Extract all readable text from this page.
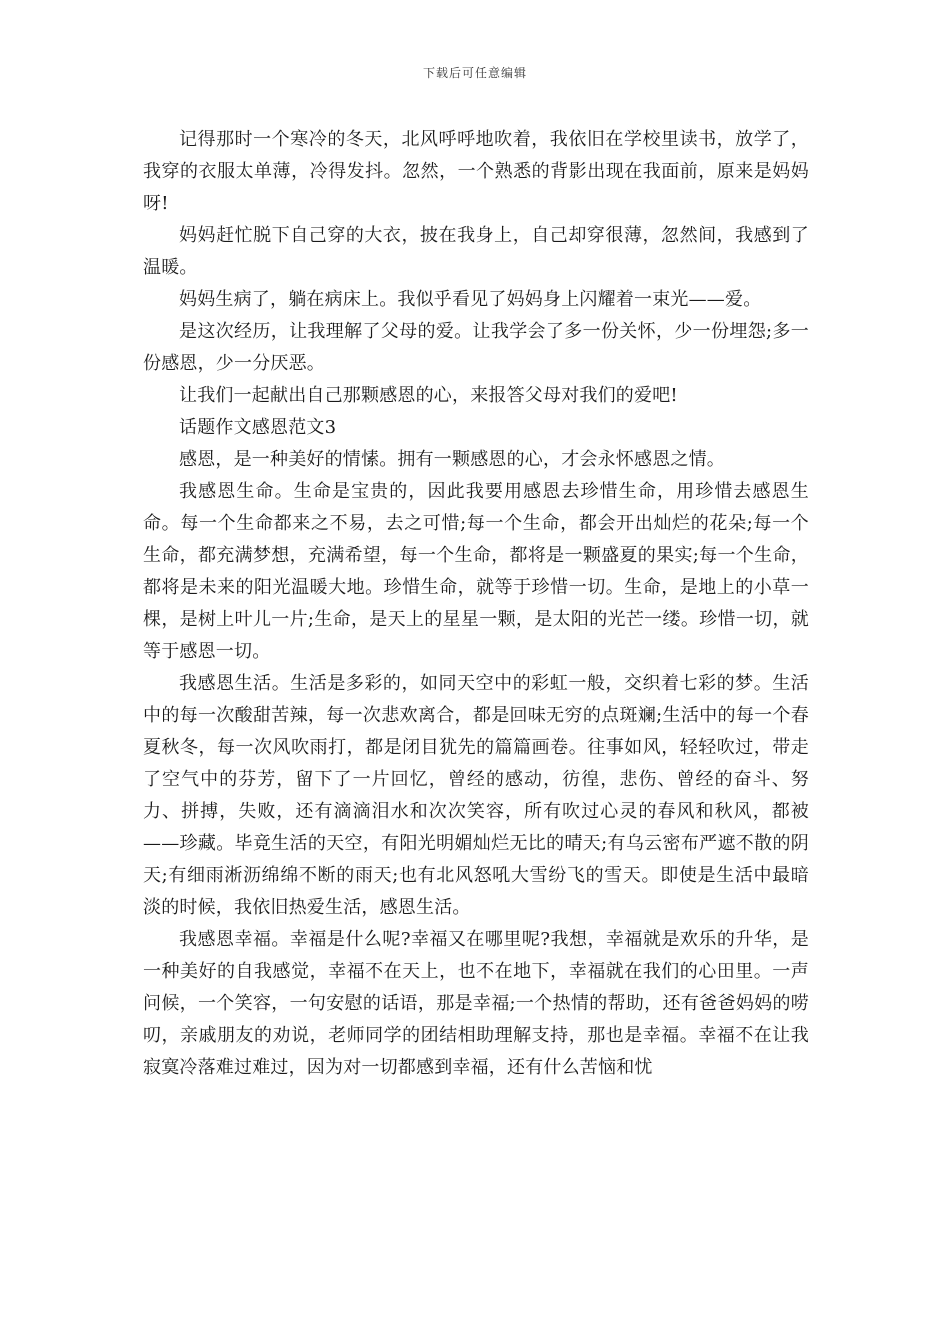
下载后可任意编辑

记得那时一个寒冷的冬天，北风呼呼地吹着，我依旧在学校里读书，放学了，我穿的衣服太单薄，冷得发抖。忽然，一个熟悉的背影出现在我面前，原来是妈妈呀!

妈妈赶忙脱下自己穿的大衣，披在我身上，自己却穿很薄，忽然间，我感到了温暖。

妈妈生病了，躺在病床上。我似乎看见了妈妈身上闪耀着一束光——爱。

是这次经历，让我理解了父母的爱。让我学会了多一份关怀，少一份埋怨;多一份感恩，少一分厌恶。

让我们一起献出自己那颗感恩的心，来报答父母对我们的爱吧!

话题作文感恩范文3

感恩，是一种美好的情愫。拥有一颗感恩的心，才会永怀感恩之情。

我感恩生命。生命是宝贵的，因此我要用感恩去珍惜生命，用珍惜去感恩生命。每一个生命都来之不易，去之可惜;每一个生命，都会开出灿烂的花朵;每一个生命，都充满梦想，充满希望，每一个生命，都将是一颗盛夏的果实;每一个生命，都将是未来的阳光温暖大地。珍惜生命，就等于珍惜一切。生命，是地上的小草一棵，是树上叶儿一片;生命，是天上的星星一颗，是太阳的光芒一缕。珍惜一切，就等于感恩一切。

我感恩生活。生活是多彩的，如同天空中的彩虹一般，交织着七彩的梦。生活中的每一次酸甜苦辣，每一次悲欢离合，都是回味无穷的点斑斓;生活中的每一个春夏秋冬，每一次风吹雨打，都是闭目犹先的篇篇画卷。往事如风，轻轻吹过，带走了空气中的芬芳，留下了一片回忆，曾经的感动，彷徨，悲伤、曾经的奋斗、努力、拼搏，失败，还有滴滴泪水和次次笑容，所有吹过心灵的春风和秋风，都被——珍藏。毕竟生活的天空，有阳光明媚灿烂无比的晴天;有乌云密布严遮不散的阴天;有细雨淅沥绵绵不断的雨天;也有北风怒吼大雪纷飞的雪天。即使是生活中最暗淡的时候，我依旧热爱生活，感恩生活。

我感恩幸福。幸福是什么呢?幸福又在哪里呢?我想，幸福就是欢乐的升华，是一种美好的自我感觉，幸福不在天上，也不在地下，幸福就在我们的心田里。一声问候，一个笑容，一句安慰的话语，那是幸福;一个热情的帮助，还有爸爸妈妈的唠叨，亲戚朋友的劝说，老师同学的团结相助理解支持，那也是幸福。幸福不在让我寂寞冷落难过难过，因为对一切都感到幸福，还有什么苦恼和忧
